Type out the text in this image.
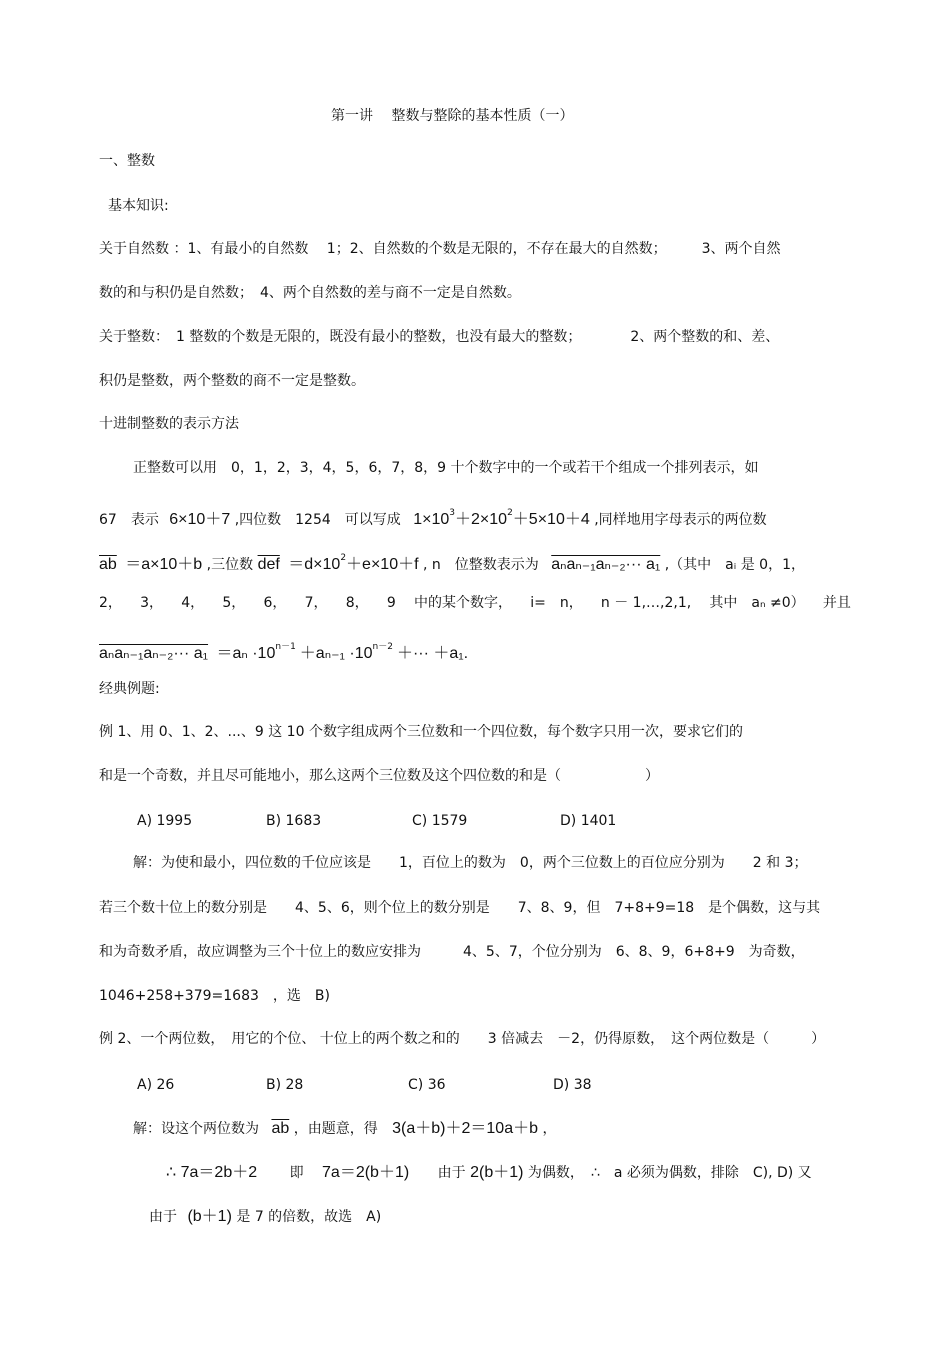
第一讲　 整数与整除的基本性质（一）
一、整数
基本知识:
关于自然数 ：1、有最小的自然数　 1；2、自然数的个数是无限的，不存在最大的自然数；　　　3、两个自然
数的和与积仍是自然数；　4、两个自然数的差与商不一定是自然数。
关于整数：　1 整数的个数是无限的，既没有最小的整数，也没有最大的整数；　　　　2、两个整数的和、差、
积仍是整数，两个整数的商不一定是整数。
十进制整数的表示方法
正整数可以用　0，1，2，3，4，5，6，7，8，9 十个数字中的一个或若干个组成一个排列表示，如
67　表示 6×10＋7 ,四位数　1254　可以写成 $1\times 10^3+2\times 10^2+5\times 10+4$ ,同样地用字母表示的两位数
$\overline{ab} =a\times 10+b$ ,三位数 $\overline{def} =d\times 10^2+e\times 10+f$ , n　位整数表示为 aₙaₙ₋₁aₙ₋₂··· a₁ ,（其中　aᵢ 是 0，1，
2， 3， 4， 5， 6， 7， 8， 9 中的某个数字， i=　n， n － 1,…,2,1, 其中　aₙ ≠0） 并且
$a_na_{n-1}a_{n-2}\cdot\cdot\cdot a_1 =a_n \cdot 10^{n-1} +a_{n-1} \cdot 10^{n-2}$ ＋··· ＋a₁.
经典例题:
例 1、用 0、1、2、...、9 这 10 个数字组成两个三位数和一个四位数，每个数字只用一次，要求它们的
和是一个奇数，并且尽可能地小，那么这两个三位数及这个四位数的和是（　　　　　　）
A) 1995	B) 1683	C) 1579	D) 1401
解：为使和最小，四位数的千位应该是　　1，百位上的数为　0，两个三位数上的百位应分别为　　2 和 3；
若三个数十位上的数分别是　　4、5、6，则个位上的数分别是　　7、8、9，但　7+8+9=18　是个偶数，这与其
和为奇数矛盾，故应调整为三个十位上的数应安排为　　　4、5、7，个位分别为　6、8、9，6+8+9　为奇数，
1046+258+379=1683　，选　B)
例 2、一个两位数，　用它的个位、 十位上的两个数之和的　　3 倍减去　－2，仍得原数，　这个两位数是（　　　）
A) 26	B) 28	C) 36	D) 38
解：设这个两位数为 $\overline{ab}$ ，由题意，得 3(a＋b)＋2＝10a＋b ，
∴ 7a＝2b＋2 即 7a＝2(b＋1) 由于 2(b＋1) 为偶数，　∴　a 必须为偶数，排除　C), D) 又
由于 (b＋1) 是 7 的倍数，故选　A)
